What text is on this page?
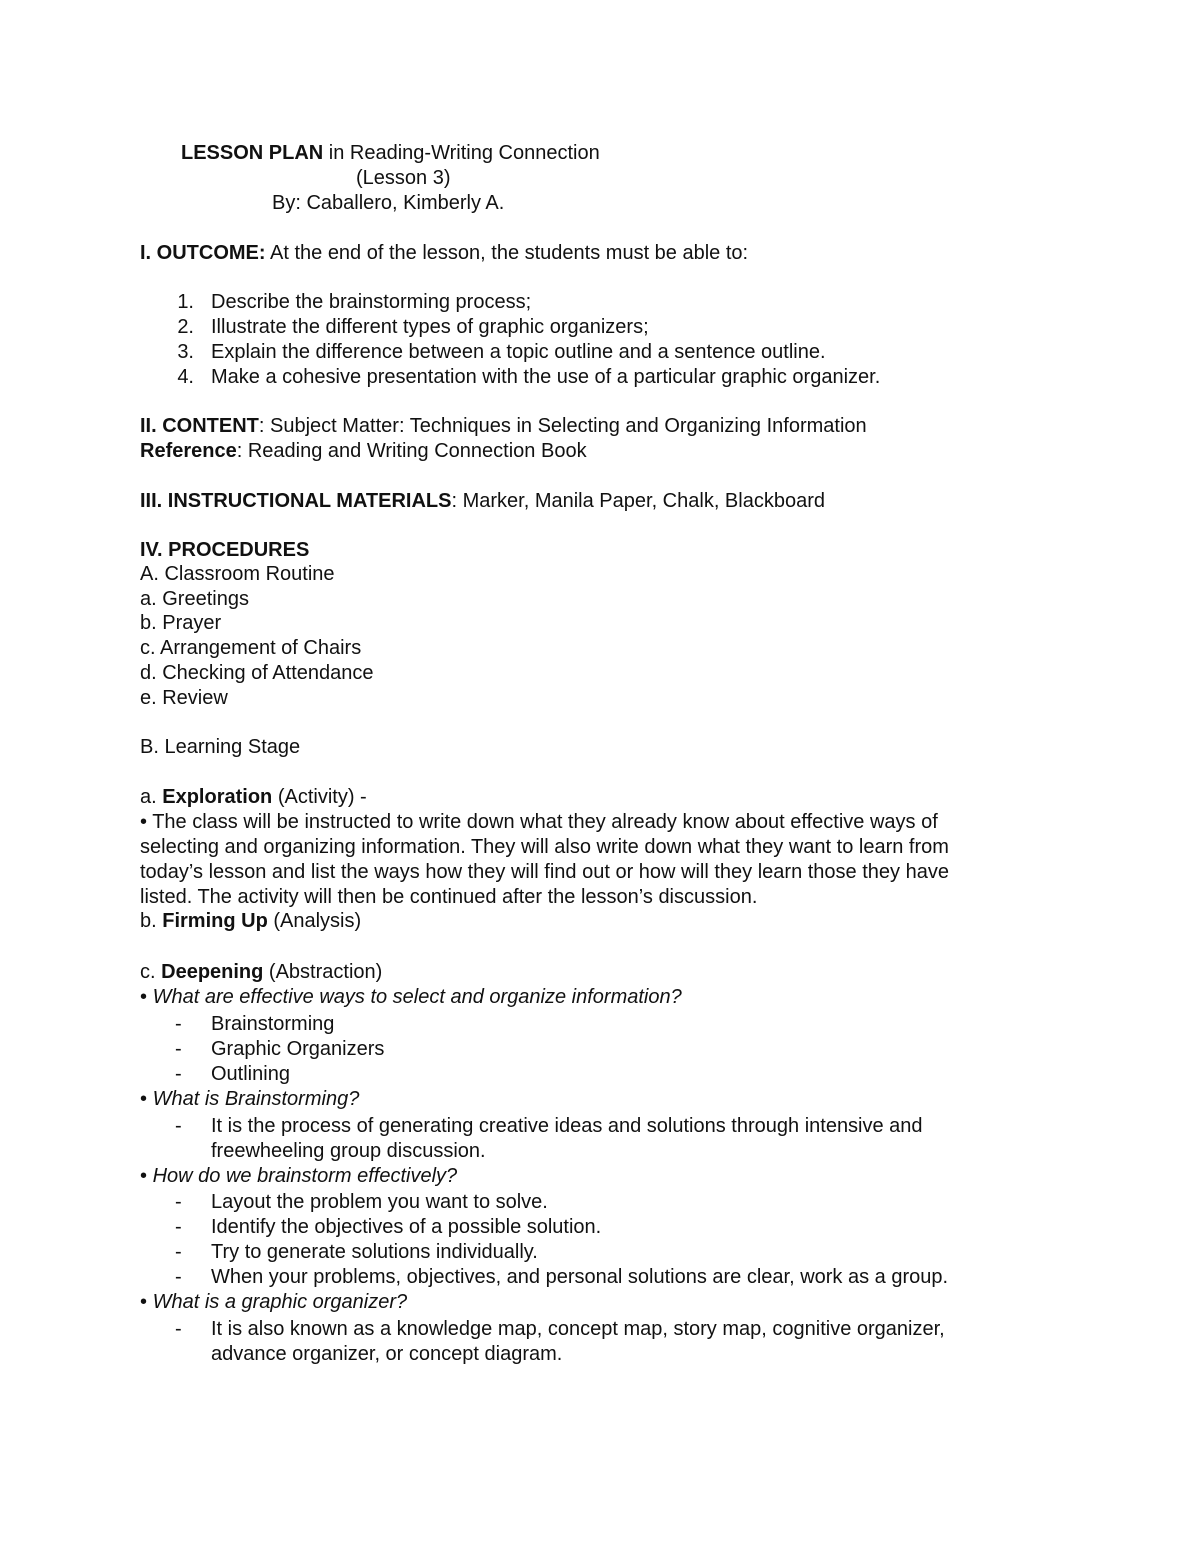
LESSON PLAN in Reading-Writing Connection
(Lesson 3)
By: Caballero, Kimberly A.
I. OUTCOME: At the end of the lesson, the students must be able to:
1. Describe the brainstorming process;
2. Illustrate the different types of graphic organizers;
3. Explain the difference between a topic outline and a sentence outline.
4. Make a cohesive presentation with the use of a particular graphic organizer.
II. CONTENT: Subject Matter: Techniques in Selecting and Organizing Information
Reference: Reading and Writing Connection Book
III. INSTRUCTIONAL MATERIALS: Marker, Manila Paper, Chalk, Blackboard
IV. PROCEDURES
A. Classroom Routine
a. Greetings
b. Prayer
c. Arrangement of Chairs
d. Checking of Attendance
e. Review
B. Learning Stage
a. Exploration (Activity) -
• The class will be instructed to write down what they already know about effective ways of
selecting and organizing information. They will also write down what they want to learn from
today’s lesson and list the ways how they will find out or how will they learn those they have
listed. The activity will then be continued after the lesson’s discussion.
b. Firming Up (Analysis)
c. Deepening (Abstraction)
• What are effective ways to select and organize information?
- Brainstorming
- Graphic Organizers
- Outlining
• What is Brainstorming?
- It is the process of generating creative ideas and solutions through intensive and
freewheeling group discussion.
• How do we brainstorm effectively?
- Layout the problem you want to solve.
- Identify the objectives of a possible solution.
- Try to generate solutions individually.
- When your problems, objectives, and personal solutions are clear, work as a group.
• What is a graphic organizer?
- It is also known as a knowledge map, concept map, story map, cognitive organizer,
advance organizer, or concept diagram.
